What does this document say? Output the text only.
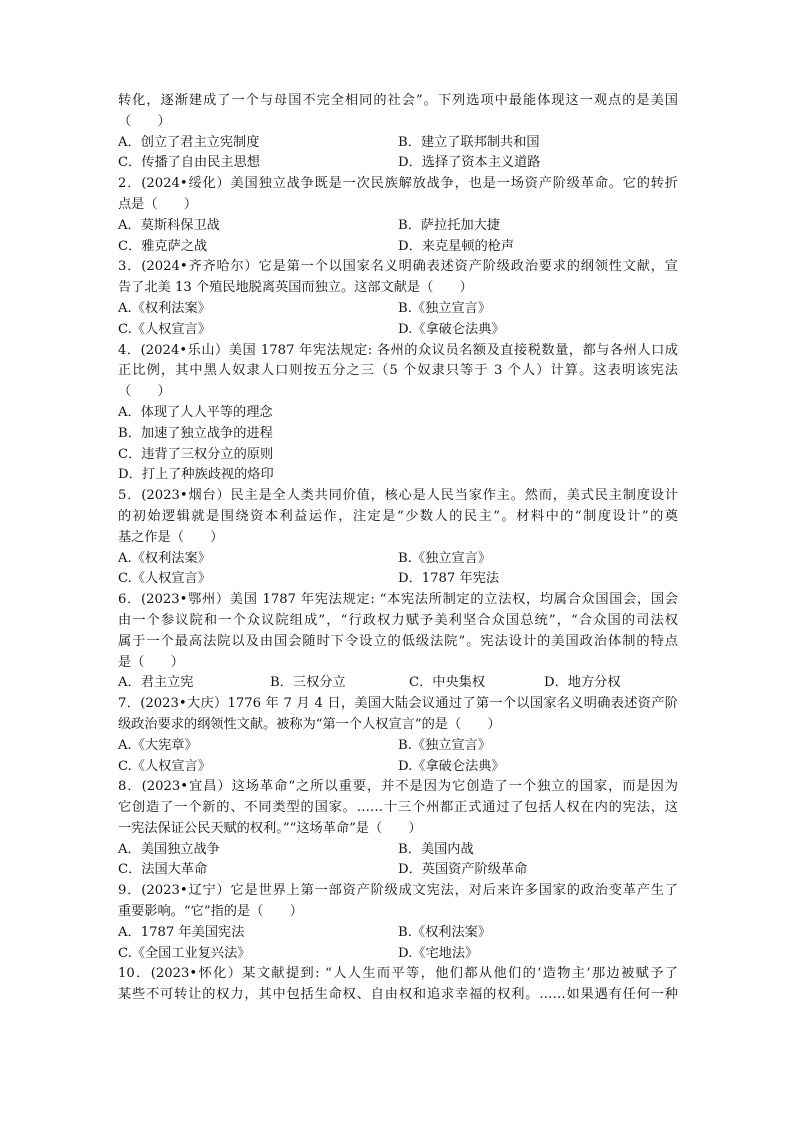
转化，逐渐建成了一个与母国不完全相同的社会”。下列选项中最能体现这一观点的是美国
（　　）
A．创立了君主立宪制度	B．建立了联邦制共和国
C．传播了自由民主思想	D．选择了资本主义道路
2．(2024•绥化）美国独立战争既是一次民族解放战争，也是一场资产阶级革命。它的转折
点是（　　）
A．莫斯科保卫战	B．萨拉托加大捷
C．雅克萨之战	D．来克星顿的枪声
3．(2024•齐齐哈尔）它是第一个以国家名义明确表述资产阶级政治要求的纲领性文献，宣
告了北美 13 个殖民地脱离英国而独立。这部文献是（　　）
A.《权利法案》	B.《独立宣言》
C.《人权宣言》	D.《拿破仑法典》
4．(2024•乐山）美国 1787 年宪法规定: 各州的众议员名额及直接税数量，都与各州人口成
正比例，其中黑人奴隶人口则按五分之三（5 个奴隶只等于 3 个人）计算。这表明该宪法
（　　）
A．体现了人人平等的理念
B．加速了独立战争的进程
C．违背了三权分立的原则
D．打上了种族歧视的烙印
5．(2023•烟台）民主是全人类共同价值，核心是人民当家作主。然而，美式民主制度设计
的初始逻辑就是围绕资本利益运作，注定是“少数人的民主”。材料中的“制度设计”的奠
基之作是（　　）
A.《权利法案》	B.《独立宣言》
C.《人权宣言》	D．1787 年宪法
6．(2023•鄂州）美国 1787 年宪法规定: “本宪法所制定的立法权，均属合众国国会，国会
由一个参议院和一个众议院组成”，“行政权力赋予美利坚合众国总统”，“合众国的司法权
属于一个最高法院以及由国会随时下令设立的低级法院”。宪法设计的美国政治体制的特点
是（　　）
A．君主立宪	B．三权分立	C．中央集权	D．地方分权
7．(2023•大庆）1776 年 7 月 4 日，美国大陆会议通过了第一个以国家名义明确表述资产阶
级政治要求的纲领性文献。被称为“第一个人权宣言”的是（　　）
A.《大宪章》	B.《独立宣言》
C.《人权宣言》	D.《拿破仑法典》
8．(2023•宜昌）这场革命“之所以重要，并不是因为它创造了一个独立的国家，而是因为
它创造了一个新的、不同类型的国家。……十三个州都正式通过了包括人权在内的宪法，这
一宪法保证公民天赋的权利。”“这场革命”是（　　）
A．美国独立战争	B．美国内战
C．法国大革命	D．英国资产阶级革命
9．(2023•辽宁）它是世界上第一部资产阶级成文宪法，对后来许多国家的政治变革产生了
重要影响。“它”指的是（　　）
A．1787 年美国宪法	B.《权利法案》
C.《全国工业复兴法》	D.《宅地法》
10．(2023•怀化）某文献提到: “人人生而平等，他们都从他们的‘造物主’那边被赋予了
某些不可转让的权力，其中包括生命权、自由权和追求幸福的权利。……如果遇有任何一种
